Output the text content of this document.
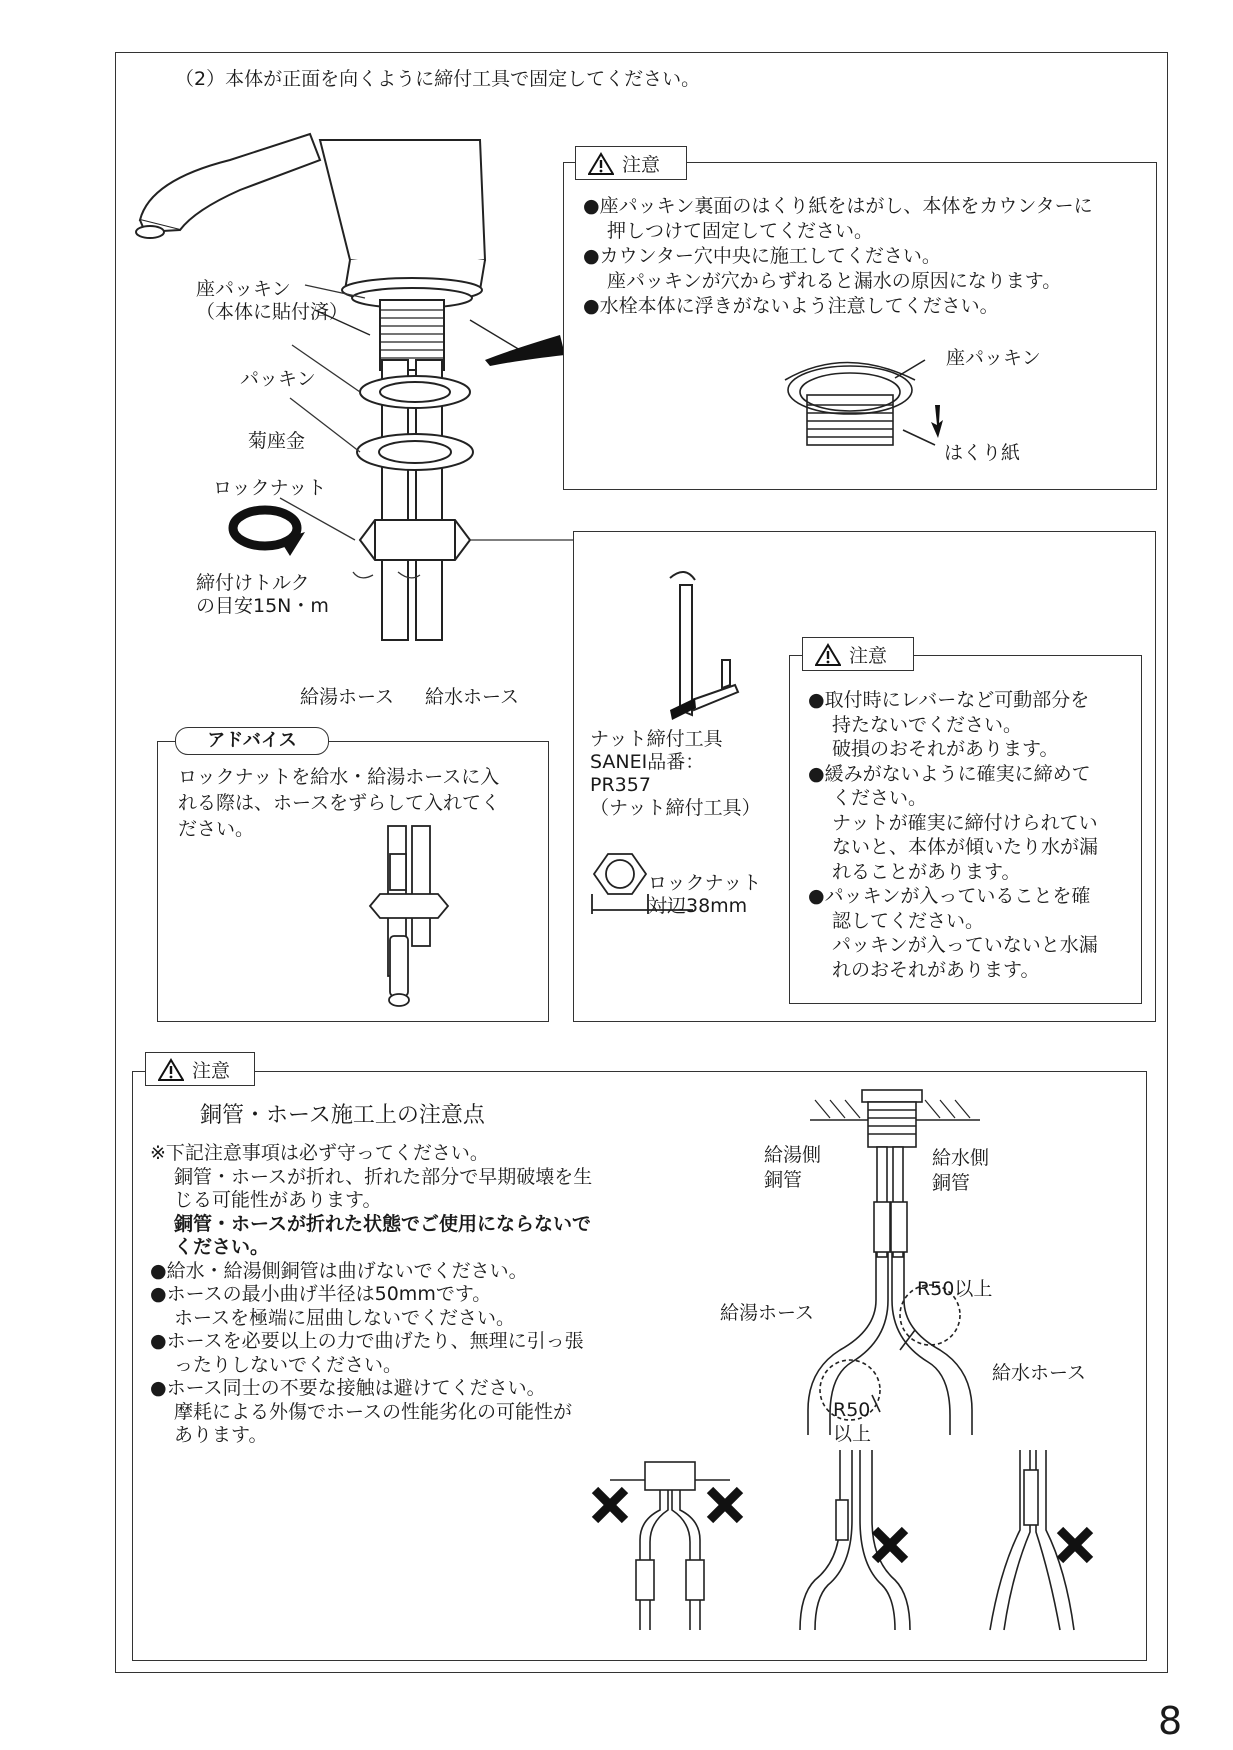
（2）本体が正面を向くように締付工具で固定してください。
座パッキン
（本体に貼付済）
パッキン
菊座金
ロックナット
締付けトルク
の目安15N・m
給湯ホース 給水ホース
注意
●座パッキン裏面のはくり紙をはがし、本体をカウンターに
押しつけて固定してください。
●カウンター穴中央に施工してください。
座パッキンが穴からずれると漏水の原因になります。
●水栓本体に浮きがないよう注意してください。
座パッキン
はくり紙
ナット締付工具
SANEI品番：
PR357
（ナット締付工具）
ロックナット
対辺38mm
注意
●取付時にレバーなど可動部分を
持たないでください。
破損のおそれがあります。
●緩みがないように確実に締めて
ください。
ナットが確実に締付けられてい
ないと、本体が傾いたり水が漏
れることがあります。
●パッキンが入っていることを確
認してください。
パッキンが入っていないと水漏
れのおそれがあります。
アドバイス
ロックナットを給水・給湯ホースに入
れる際は、ホースをずらして入れてく
ださい。
注意
銅管・ホース施工上の注意点
※下記注意事項は必ず守ってください。
銅管・ホースが折れ、折れた部分で早期破壊を生
じる可能性があります。
銅管・ホースが折れた状態でご使用にならないで
ください。
●給水・給湯側銅管は曲げないでください。
●ホースの最小曲げ半径は50mmです。
ホースを極端に屈曲しないでください。
●ホースを必要以上の力で曲げたり、無理に引っ張
ったりしないでください。
●ホース同士の不要な接触は避けてください。
摩耗による外傷でホースの性能劣化の可能性が
あります。
給湯側
銅管
給水側
銅管
R50以上
給湯ホース
給水ホース
R50
以上
8
